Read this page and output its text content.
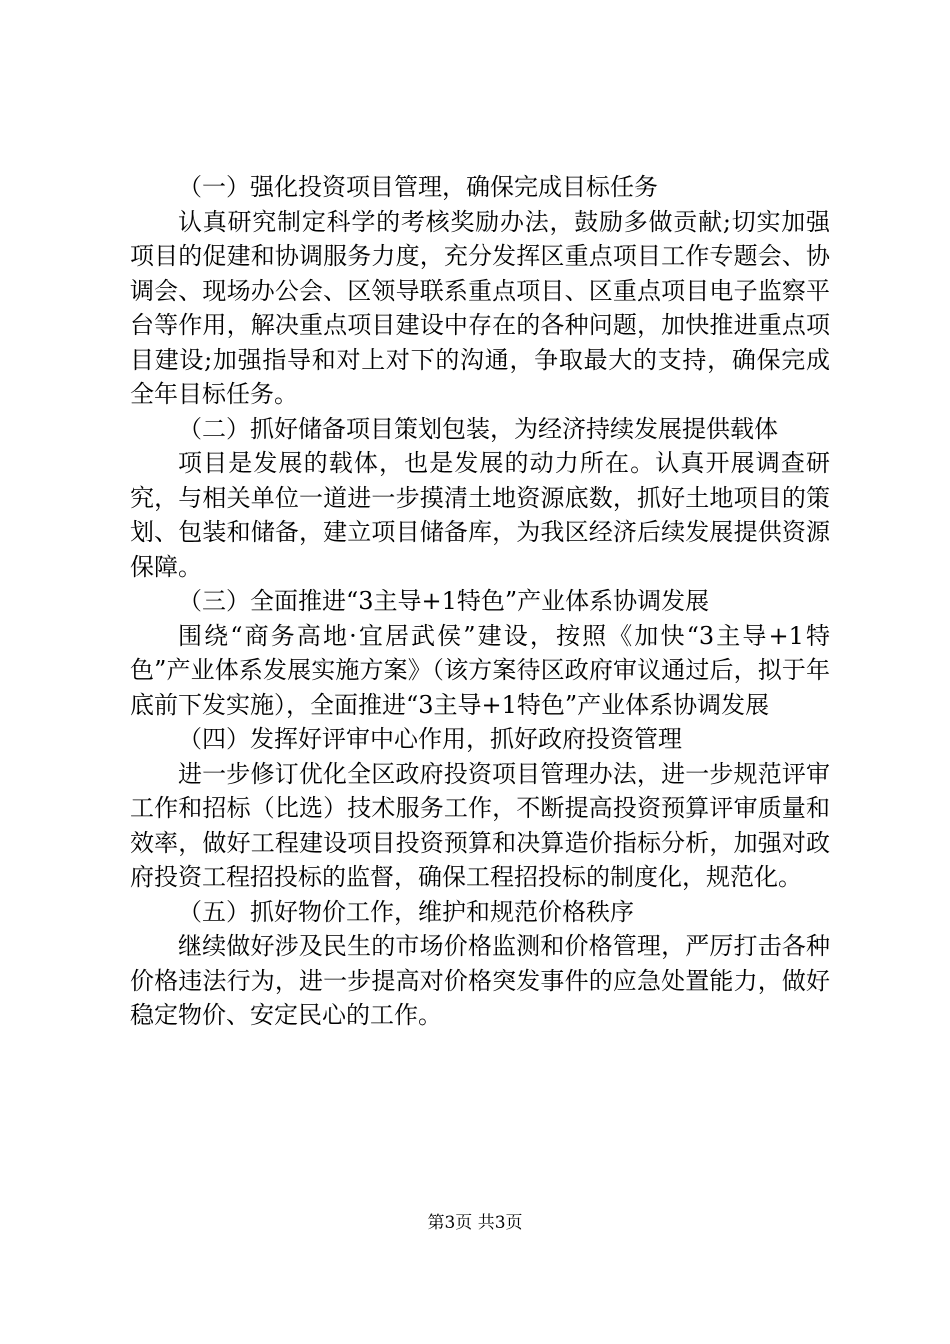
（一）强化投资项目管理，确保完成目标任务

认真研究制定科学的考核奖励办法，鼓励多做贡献;切实加强项目的促建和协调服务力度，充分发挥区重点项目工作专题会、协调会、现场办公会、区领导联系重点项目、区重点项目电子监察平台等作用，解决重点项目建设中存在的各种问题，加快推进重点项目建设;加强指导和对上对下的沟通，争取最大的支持，确保完成全年目标任务。

（二）抓好储备项目策划包装，为经济持续发展提供载体

项目是发展的载体，也是发展的动力所在。认真开展调查研究，与相关单位一道进一步摸清土地资源底数，抓好土地项目的策划、包装和储备，建立项目储备库，为我区经济后续发展提供资源保障。

（三）全面推进“3主导+1特色”产业体系协调发展

围绕“商务高地·宜居武侯”建设，按照《加快“3主导+1特色”产业体系发展实施方案》（该方案待区政府审议通过后，拟于年底前下发实施），全面推进“3主导+1特色”产业体系协调发展

（四）发挥好评审中心作用，抓好政府投资管理

进一步修订优化全区政府投资项目管理办法，进一步规范评审工作和招标（比选）技术服务工作，不断提高投资预算评审质量和效率，做好工程建设项目投资预算和决算造价指标分析，加强对政府投资工程招投标的监督，确保工程招投标的制度化，规范化。

（五）抓好物价工作，维护和规范价格秩序

继续做好涉及民生的市场价格监测和价格管理，严厉打击各种价格违法行为，进一步提高对价格突发事件的应急处置能力，做好稳定物价、安定民心的工作。

第3页 共3页
